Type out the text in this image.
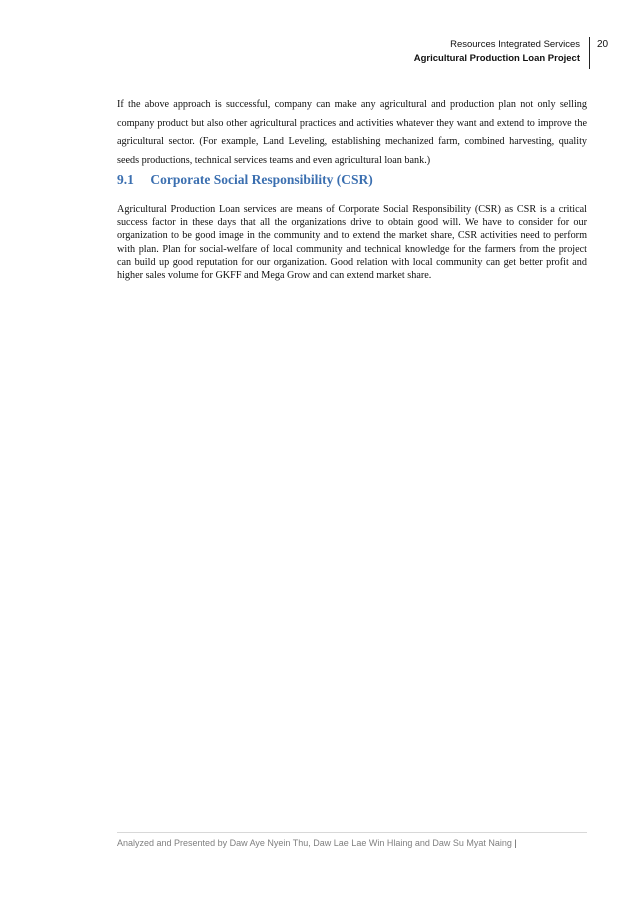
Resources Integrated Services
Agricultural Production Loan Project
20

If the above approach is successful, company can make any agricultural and production plan not only selling company product but also other agricultural practices and activities whatever they want and extend to improve the agricultural sector. (For example, Land Leveling, establishing mechanized farm, combined harvesting, quality seeds productions, technical services teams and even agricultural loan bank.)

9.1 Corporate Social Responsibility (CSR)

Agricultural Production Loan services are means of Corporate Social Responsibility (CSR) as CSR is a critical success factor in these days that all the organizations drive to obtain good will. We have to consider for our organization to be good image in the community and to extend the market share, CSR activities need to perform with plan. Plan for social-welfare of local community and technical knowledge for the farmers from the project can build up good reputation for our organization. Good relation with local community can get better profit and higher sales volume for GKFF and Mega Grow and can extend market share.

Analyzed and Presented by Daw Aye Nyein Thu, Daw Lae Lae Win Hlaing and Daw Su Myat Naing |
